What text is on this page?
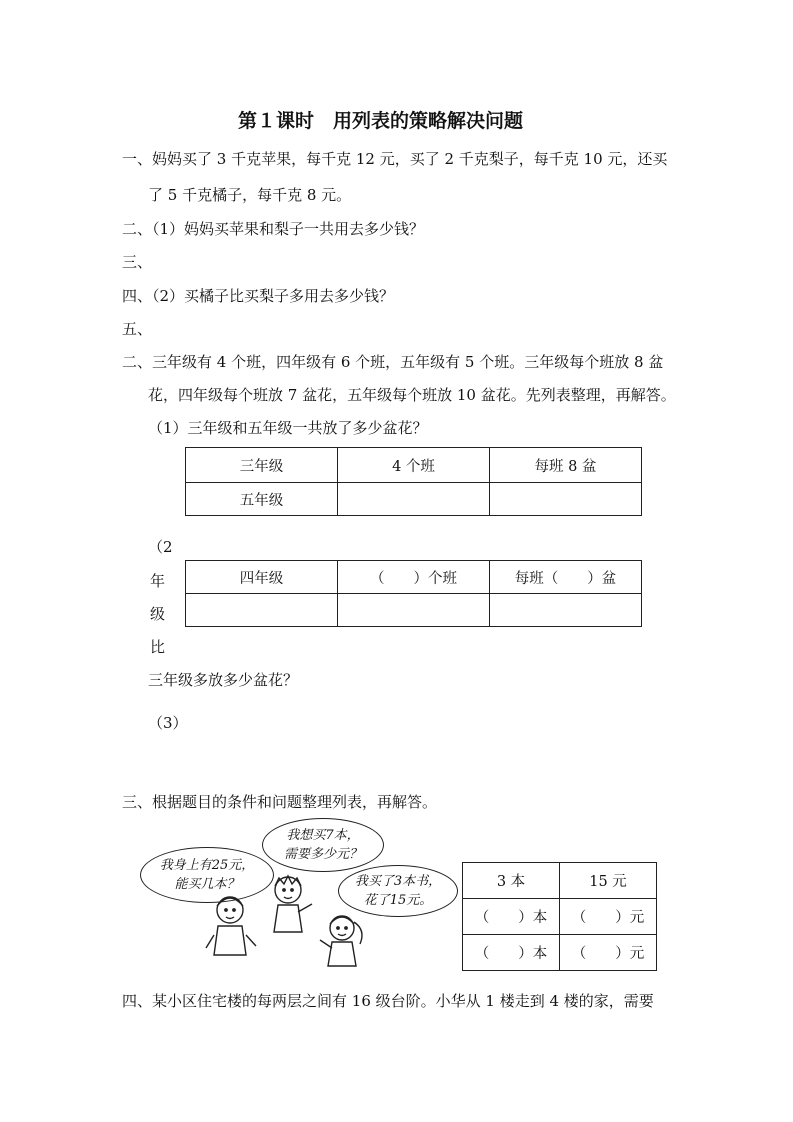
第１课时　用列表的策略解决问题
一、妈妈买了 3 千克苹果，每千克 12 元，买了 2 千克梨子，每千克 10 元，还买
了 5 千克橘子，每千克 8 元。
二、（1）妈妈买苹果和梨子一共用去多少钱？
三、
四、（2）买橘子比买梨子多用去多少钱？
五、
二、三年级有 4 个班，四年级有 6 个班，五年级有 5 个班。三年级每个班放 8 盆
花，四年级每个班放 7 盆花，五年级每个班放 10 盆花。先列表整理，再解答。
（1）三年级和五年级一共放了多少盆花？
三年级	4 个班	每班 8 盆
五年级		
（2
年
级
比
四年级	（　　）个班	每班（　　）盆

三年级多放多少盆花？
（3）
三、根据题目的条件和问题整理列表，再解答。
我想买7本，
需要多少元？
我身上有25元，
能买几本？	我买了3本书，
花了15元。
3 本	15 元
（　　）本	（　　）元
（　　）本	（　　）元
四、某小区住宅楼的每两层之间有 16 级台阶。小华从 1 楼走到 4 楼的家，需要
